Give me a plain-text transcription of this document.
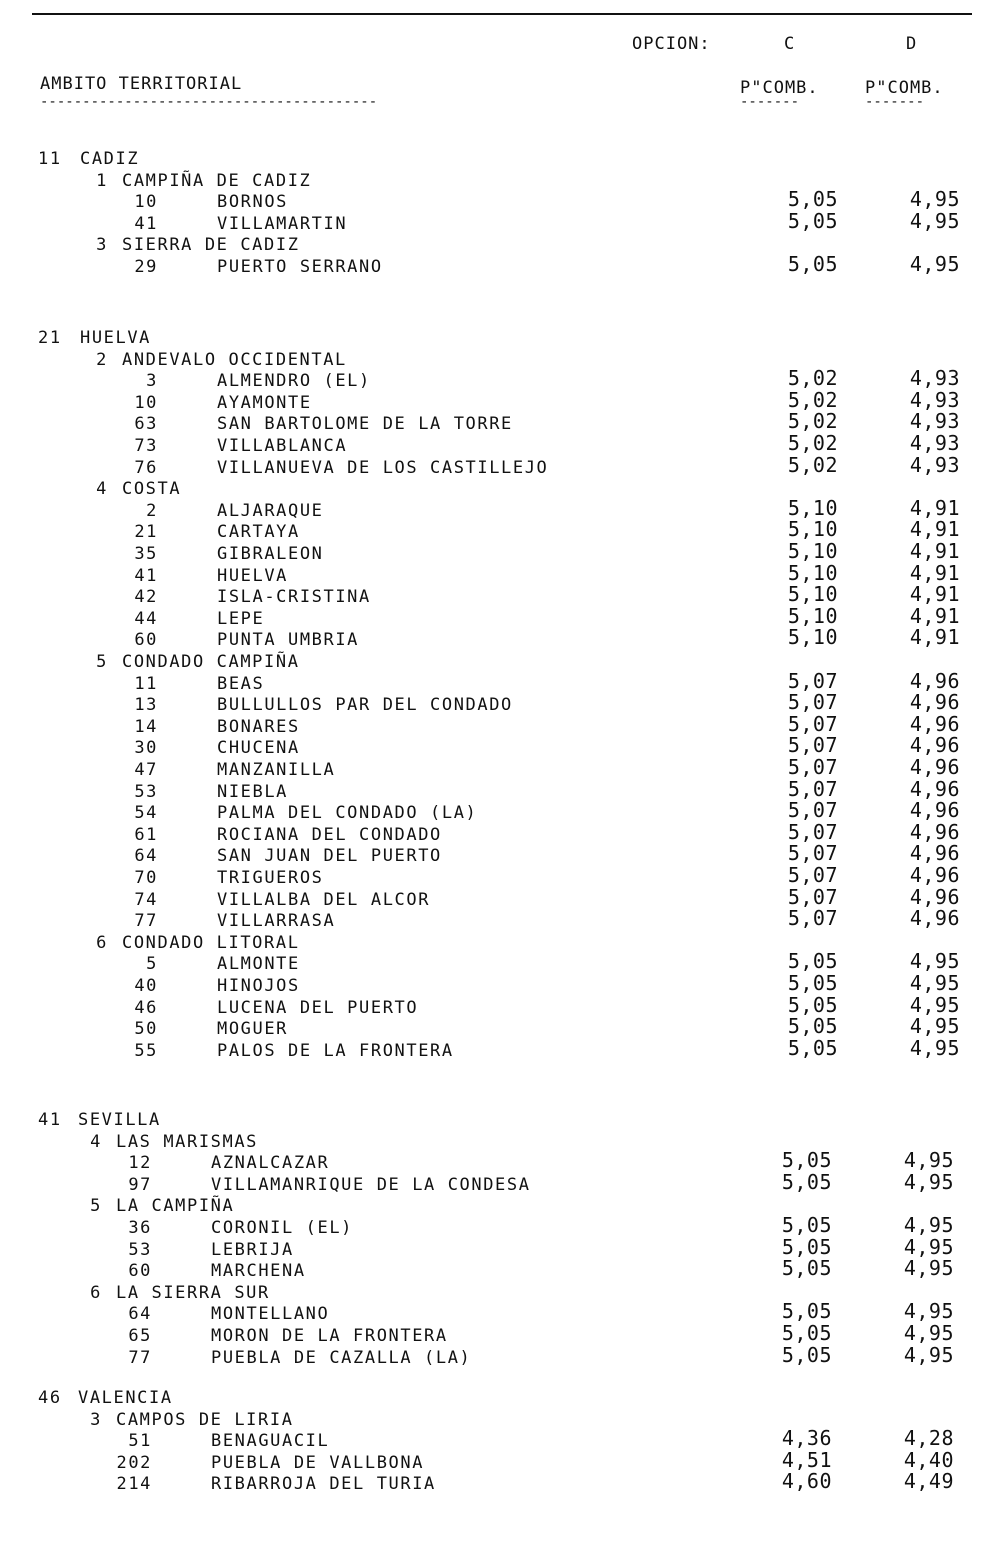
OPCION:	C	D
AMBITO TERRITORIAL
----------------------------------------
P"COMB.	P"COMB.
-------	-------
11 CADIZ
1 CAMPIÑA DE CADIZ
10	BORNOS	5,05	4,95
41	VILLAMARTIN	5,05	4,95
3 SIERRA DE CADIZ
29	PUERTO SERRANO	5,05	4,95
21 HUELVA
2 ANDEVALO OCCIDENTAL
3	ALMENDRO (EL)	5,02	4,93
10	AYAMONTE	5,02	4,93
63	SAN BARTOLOME DE LA TORRE	5,02	4,93
73	VILLABLANCA	5,02	4,93
76	VILLANUEVA DE LOS CASTILLEJO	5,02	4,93
4 COSTA
2	ALJARAQUE	5,10	4,91
21	CARTAYA	5,10	4,91
35	GIBRALEON	5,10	4,91
41	HUELVA	5,10	4,91
42	ISLA-CRISTINA	5,10	4,91
44	LEPE	5,10	4,91
60	PUNTA UMBRIA	5,10	4,91
5 CONDADO CAMPIÑA
11	BEAS	5,07	4,96
13	BULLULLOS PAR DEL CONDADO	5,07	4,96
14	BONARES	5,07	4,96
30	CHUCENA	5,07	4,96
47	MANZANILLA	5,07	4,96
53	NIEBLA	5,07	4,96
54	PALMA DEL CONDADO (LA)	5,07	4,96
61	ROCIANA DEL CONDADO	5,07	4,96
64	SAN JUAN DEL PUERTO	5,07	4,96
70	TRIGUEROS	5,07	4,96
74	VILLALBA DEL ALCOR	5,07	4,96
77	VILLARRASA	5,07	4,96
6 CONDADO LITORAL
5	ALMONTE	5,05	4,95
40	HINOJOS	5,05	4,95
46	LUCENA DEL PUERTO	5,05	4,95
50	MOGUER	5,05	4,95
55	PALOS DE LA FRONTERA	5,05	4,95
41 SEVILLA
4 LAS MARISMAS
12	AZNALCAZAR	5,05	4,95
97	VILLAMANRIQUE DE LA CONDESA	5,05	4,95
5 LA CAMPIÑA
36	CORONIL (EL)	5,05	4,95
53	LEBRIJA	5,05	4,95
60	MARCHENA	5,05	4,95
6 LA SIERRA SUR
64	MONTELLANO	5,05	4,95
65	MORON DE LA FRONTERA	5,05	4,95
77	PUEBLA DE CAZALLA (LA)	5,05	4,95
46 VALENCIA
3 CAMPOS DE LIRIA
51	BENAGUACIL	4,36	4,28
202	PUEBLA DE VALLBONA	4,51	4,40
214	RIBARROJA DEL TURIA	4,60	4,49
